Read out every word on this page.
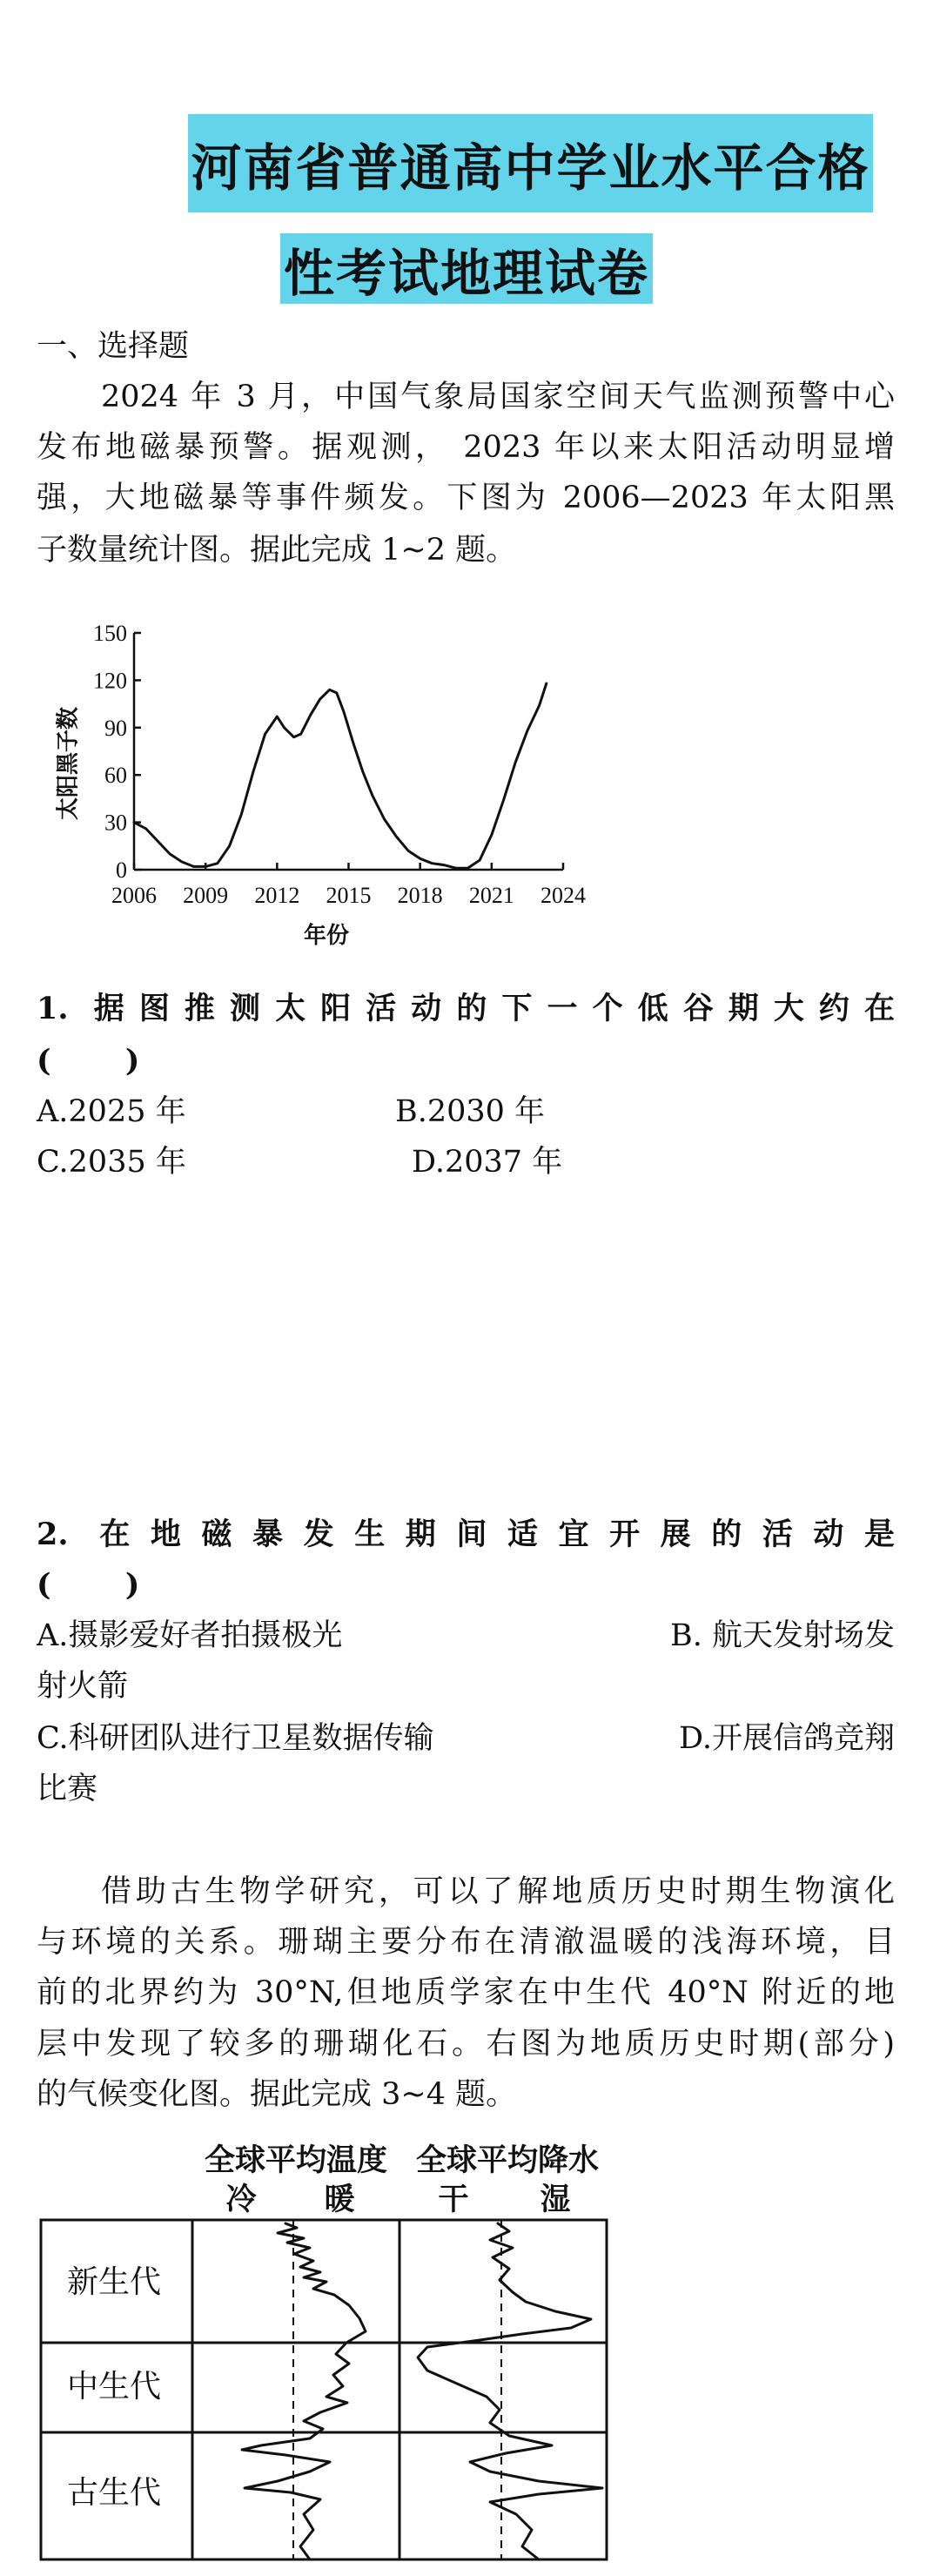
河南省普通高中学业水平合格
性考试地理试卷
一、选择题
2024 年 3 月，中国气象局国家空间天气监测预警中心
发布地磁暴预警。据观测， 2023 年以来太阳活动明显增
强，大地磁暴等事件频发。下图为 2006—2023 年太阳黑
子数量统计图。据此完成 1~2 题。
太阳黑子数
年份
0
30
60
90
120
150
2006 2009 2012 2015 2018 2021 2024
1. 据图推测太阳活动的下一个低谷期大约在
(       )
A.2025 年	B.2030 年
C.2035 年	D.2037 年
2. 在地磁暴发生期间适宜开展的活动是
(       )
A.摄影爱好者拍摄极光	B. 航天发射场发
射火箭
C.科研团队进行卫星数据传输	D.开展信鸽竞翔
比赛
借助古生物学研究，可以了解地质历史时期生物演化
与环境的关系。珊瑚主要分布在清澈温暖的浅海环境，目
前的北界约为 30°N,但地质学家在中生代 40°N 附近的地
层中发现了较多的珊瑚化石。右图为地质历史时期(部分)
的气候变化图。据此完成 3~4 题。
全球平均温度 全球平均降水
冷 暖	干 湿
新生代
中生代
古生代
